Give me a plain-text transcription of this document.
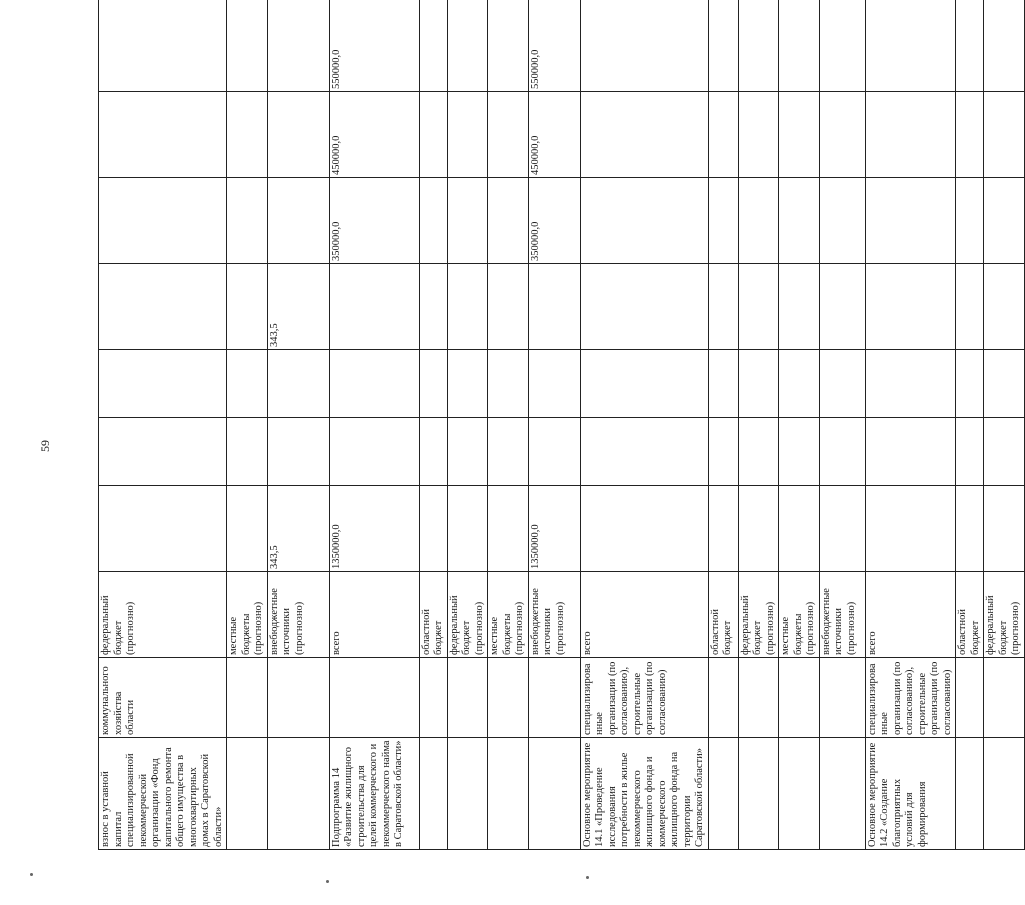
59
взнос в уставной капитал специализированной некоммерческой организации «Фонд капитального ремонта общего имущества в многоквартирных домах в Саратовской области»	коммунального хозяйства области	федеральный бюджет (прогнозно)							
		местные бюджеты (прогнозно)							
		внебюджетные источники (прогнозно)	343,5			343,5			
Подпрограмма 14 «Развитие жилищного строительства для целей коммерческого и некоммерческого найма в Саратовской области»		всего	1350000,0				350000,0	450000,0	550000,0
		областной бюджет							
		федеральный бюджет (прогнозно)							
		местные бюджеты (прогнозно)							
		внебюджетные источники (прогнозно)	1350000,0				350000,0	450000,0	550000,0
Основное мероприятие 14.1 «Проведение исследования потребности в жилье некоммерческого жилищного фонда и коммерческого жилищного фонда на территории Саратовской области»	специализированные организации (по согласованию), строительные организации (по согласованию)	всего							
		областной бюджет							
		федеральный бюджет (прогнозно)							
		местные бюджеты (прогнозно)							
		внебюджетные источники (прогнозно)							
Основное мероприятие 14.2 «Создание благоприятных условий для формирования	специализированные организации (по согласованию), строительные организации (по согласованию)	всего							
		областной бюджет							
		федеральный бюджет (прогнозно)							
